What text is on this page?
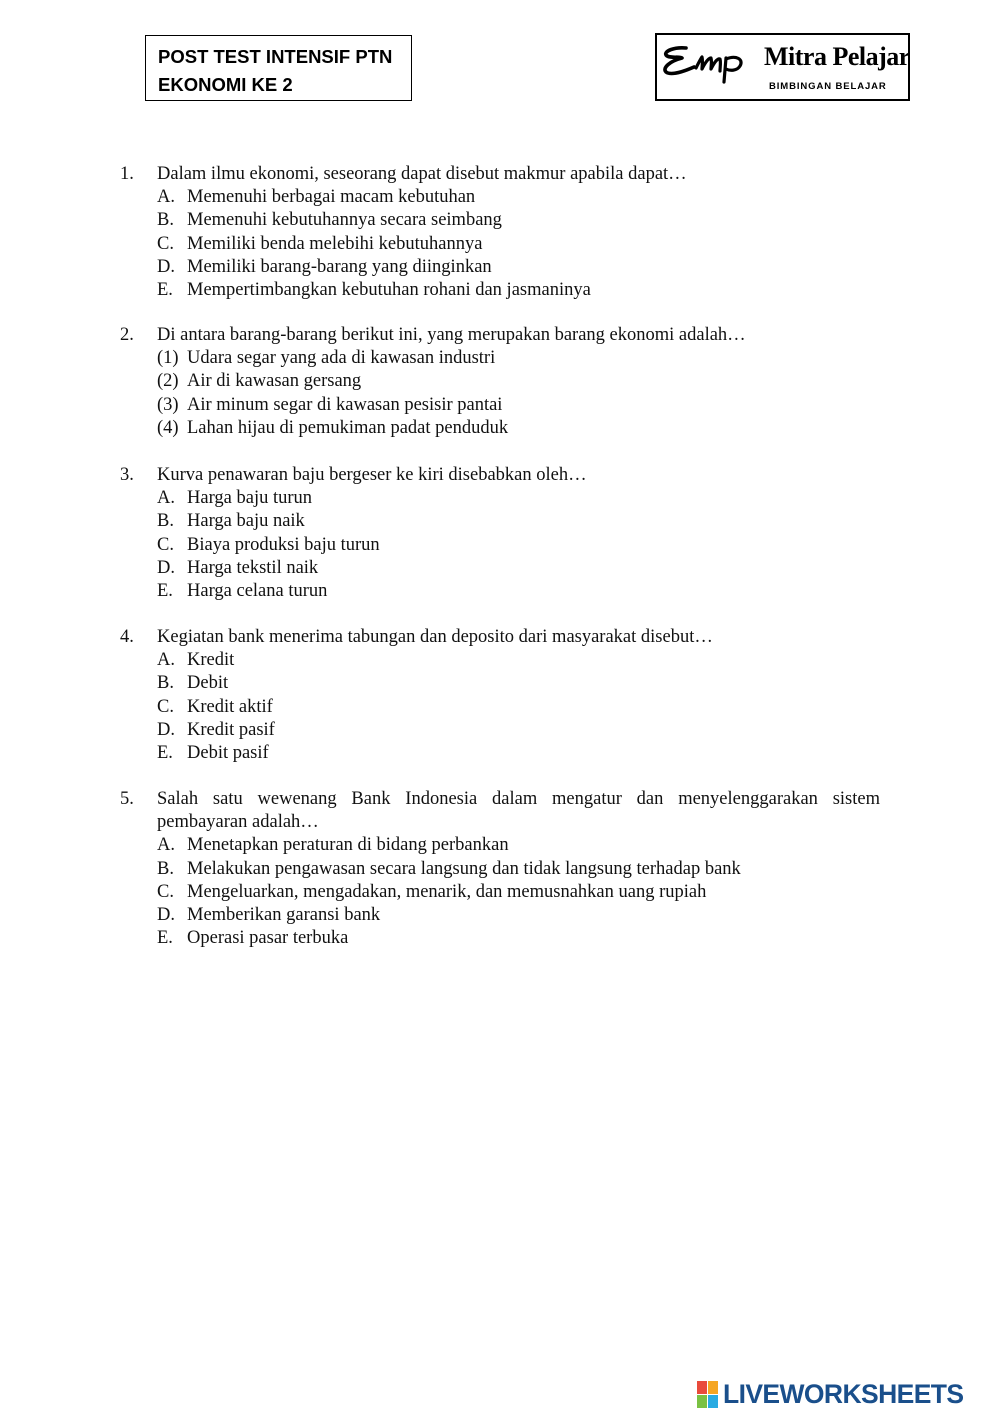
POST TEST INTENSIF PTN
EKONOMI KE 2
Mitra Pelajar
BIMBINGAN BELAJAR
1. Dalam ilmu ekonomi, seseorang dapat disebut makmur apabila dapat…
A. Memenuhi berbagai macam kebutuhan
B. Memenuhi kebutuhannya secara seimbang
C. Memiliki benda melebihi kebutuhannya
D. Memiliki barang-barang yang diinginkan
E. Mempertimbangkan kebutuhan rohani dan jasmaninya
2. Di antara barang-barang berikut ini, yang merupakan barang ekonomi adalah…
(1) Udara segar yang ada di kawasan industri
(2) Air di kawasan gersang
(3) Air minum segar di kawasan pesisir pantai
(4) Lahan hijau di pemukiman padat penduduk
3. Kurva penawaran baju bergeser ke kiri disebabkan oleh…
A. Harga baju turun
B. Harga baju naik
C. Biaya produksi baju turun
D. Harga tekstil naik
E. Harga celana turun
4. Kegiatan bank menerima tabungan dan deposito dari masyarakat disebut…
A. Kredit
B. Debit
C. Kredit aktif
D. Kredit pasif
E. Debit pasif
5. Salah satu wewenang Bank Indonesia dalam mengatur dan menyelenggarakan sistem pembayaran adalah…
A. Menetapkan peraturan di bidang perbankan
B. Melakukan pengawasan secara langsung dan tidak langsung terhadap bank
C. Mengeluarkan, mengadakan, menarik, dan memusnahkan uang rupiah
D. Memberikan garansi bank
E. Operasi pasar terbuka
LIVEWORKSHEETS
